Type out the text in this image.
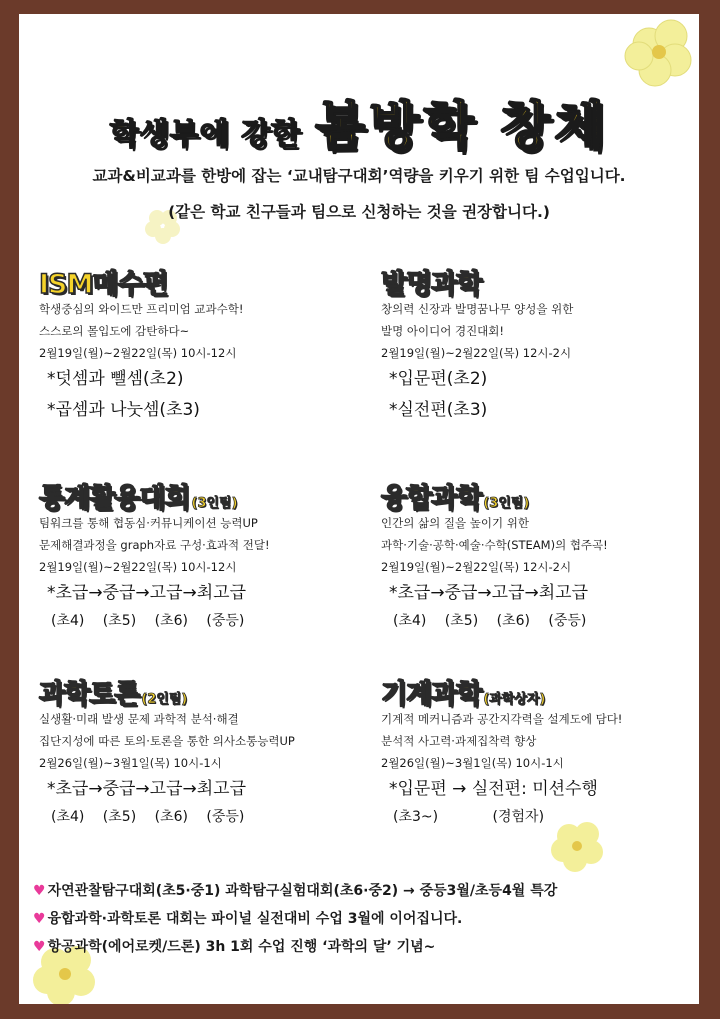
학생부에 강한 봄방학 창체
교과&비교과를 한방에 잡는 ‘교내탐구대회’역량을 키우기 위한 팀 수업입니다.
(같은 학교 친구들과 팀으로 신청하는 것을 권장합니다.)
ISM매수편
학생중심의 와이드만 프리미엄 교과수학!
스스로의 몰입도에 감탄하다~
2월19일(월)~2월22일(목) 10시-12시
*덧셈과 뺄셈(초2)
*곱셈과 나눗셈(초3)
발명과학
창의력 신장과 발명꿈나무 양성을 위한
발명 아이디어 경진대회!
2월19일(월)~2월22일(목) 12시-2시
*입문편(초2)
*실전편(초3)
통계활용대회 (3인팀)
팀워크를 통해 협동심·커뮤니케이션 능력UP
문제해결과정을 graph자료 구성·효과적 전달!
2월19일(월)~2월22일(목) 10시-12시
*초급→중급→고급→최고급
(초4) (초5) (초6) (중등)
융합과학 (3인팀)
인간의 삶의 질을 높이기 위한
과학·기술·공학·예술·수학(STEAM)의 협주곡!
2월19일(월)~2월22일(목) 12시-2시
*초급→중급→고급→최고급
(초4) (초5) (초6) (중등)
과학토론 (2인팀)
실생활·미래 발생 문제 과학적 분석·해결
집단지성에 따른 토의·토론을 통한 의사소통능력UP
2월26일(월)~3월1일(목) 10시-1시
*초급→중급→고급→최고급
(초4) (초5) (초6) (중등)
기계과학 (과학상자)
기계적 메커니즘과 공간지각력을 설계도에 담다!
분석적 사고력·과제집착력 향상
2월26일(월)~3월1일(목) 10시-1시
*입문편 → 실전편: 미션수행
(초3~) (경험자)
♥ 자연관찰탐구대회(초5·중1) 과학탐구실험대회(초6·중2) → 중등3월/초등4월 특강
♥ 융합과학·과학토론 대회는 파이널 실전대비 수업 3월에 이어집니다.
♥ 항공과학(에어로켓/드론) 3h 1회 수업 진행 ‘과학의 달’ 기념~
